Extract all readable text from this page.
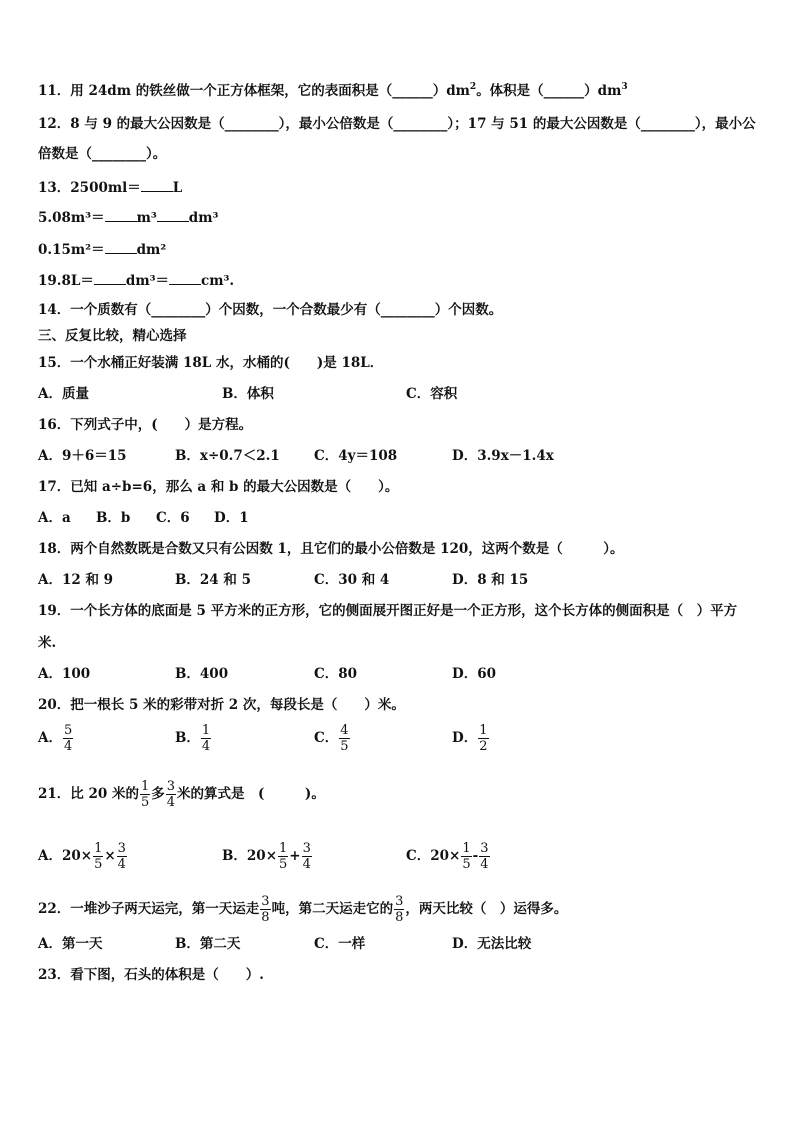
11．用 24dm 的铁丝做一个正方体框架，它的表面积是$(\_\_\_\_\_\_)dm^2$。体积是$(\_\_\_\_\_\_)dm^3$
12．8 与 9 的最大公因数是（________），最小公倍数是（________）；17 与 51 的最大公因数是（________），最小公
倍数是（________）。
13．2500ml＝ L
5.08m³＝ m³ dm³
0.15m²＝ dm²
19.8L＝ dm³＝ cm³.
14．一个质数有（________）个因数，一个合数最少有（________）个因数。
三、反复比较，精心选择
15．一个水桶正好装满 18L 水，水桶的(　　)是 18L．
A．质量	B．体积	C．容积
16．下列式子中，(　　）是方程。
A．9＋6＝15	B．x÷0.7＜2.1	C．4y＝108	D．3.9x－1.4x
17．已知 a÷b=6，那么 a 和 b 的最大公因数是（　　）。
A．a B．b C．6 D．1
18．两个自然数既是合数又只有公因数 1，且它们的最小公倍数是 120，这两个数是（　　　）。
A．12 和 9	B．24 和 5	C．30 和 4	D．8 和 15
19．一个长方体的底面是 5 平方米的正方形，它的侧面展开图正好是一个正方形，这个长方体的侧面积是（　）平方
米.
A．100	B．400	C．80	D．60
20．把一根长 5 米的彩带对折 2 次，每段长是（　　）米。
A． $\frac{5}{4}$	B． $\frac{1}{4}$	C． $\frac{4}{5}$	D． $\frac{1}{2}$
21．比 20 米的 $\frac{1}{5}$ 多 $\frac{3}{4}$ 米的算式是　(　　　)。
A．$20\times \frac{1}{5} \times \frac{3}{4}$	B．$20\times \frac{1}{5} + \frac{3}{4}$	C．$20\times \frac{1}{5} - \frac{3}{4}$
22．一堆沙子两天运完，第一天运走 $\frac{3}{8}$ 吨，第二天运走它的 $\frac{3}{8}$ ，两天比较（　）运得多。
A．第一天	B．第二天	C．一样	D．无法比较
23．看下图，石头的体积是（　　）.
